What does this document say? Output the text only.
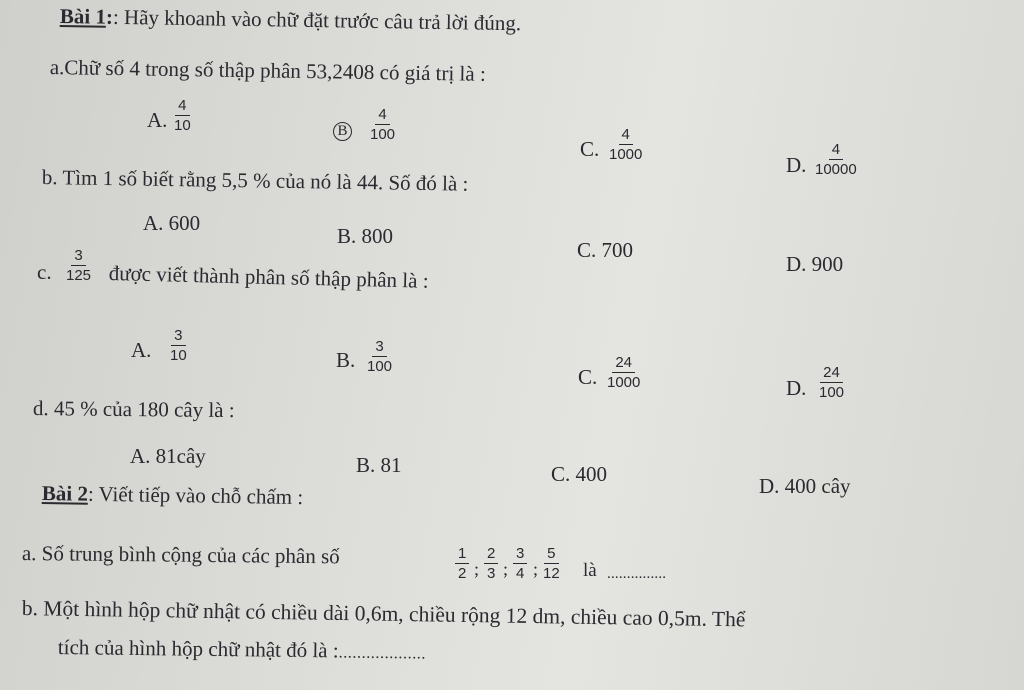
Bài 1:: Hãy khoanh vào chữ đặt trước câu trả lời đúng.
a.Chữ số 4 trong số thập phân 53,2408 có giá trị là :
A. $\frac{4}{10}$	B	$\frac{4}{100}$
C. $\frac{4}{1000}$
D. $\frac{4}{10000}$
b. Tìm 1 số biết rằng 5,5 % của nó là 44. Số đó là :
A. 600
B. 800
C. 700
D. 900
c. $\frac{3}{125}$ được viết thành phân số thập phân là :
A. $\frac{3}{10}$	B. $\frac{3}{100}$
C. $\frac{24}{1000}$	D. $\frac{24}{100}$
d. 45 % của 180 cây là :
A. 81cây	B. 81	C. 400	D. 400 cây
Bài 2: Viết tiếp vào chỗ chấm :
a. Số trung bình cộng của các phân số	$\frac{1}{2}$ ; $\frac{2}{3}$ ; $\frac{3}{4}$ ; $\frac{5}{12}$ là ...............
b. Một hình hộp chữ nhật có chiều dài 0,6m, chiều rộng 12 dm, chiều cao 0,5m. Thể
tích của hình hộp chữ nhật đó là :...................
